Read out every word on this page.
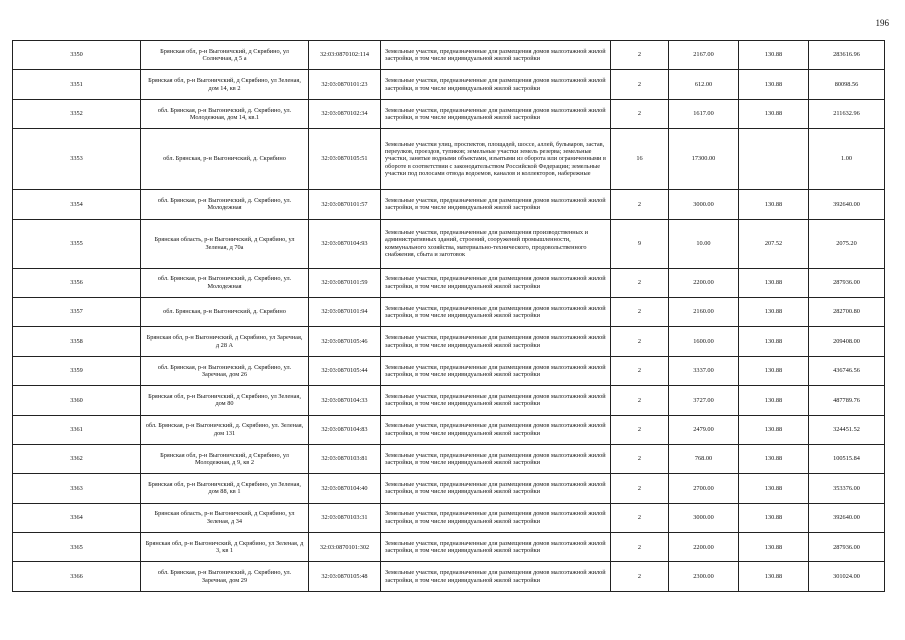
196
3350	Брянская обл, р-н Выгоничский, д Скрябино, ул Солнечная, д 5 а	32:03:0870102:114	Земельные участки, предназначенные для размещения домов малоэтажной жилой застройки, в том числе индивидуальной жилой застройки	2	2167.00	130.88	283616.96
3351	Брянская обл, р-н Выгоничский, д Скрябино, ул Зеленая, дом 14, кв 2	32:03:0870101:23	Земельные участки, предназначенные для размещения домов малоэтажной жилой застройки, в том числе индивидуальной жилой застройки	2	612.00	130.88	80098.56
3352	обл. Брянская, р-н Выгоничский, д. Скрябино, ул. Молодежная, дом 14, кв.1	32:03:0870102:34	Земельные участки, предназначенные для размещения домов малоэтажной жилой застройки, в том числе индивидуальной жилой застройки	2	1617.00	130.88	211632.96
3353	обл. Брянская, р-н Выгоничский, д. Скрябино	32:03:0870105:51	Земельные участки улиц, проспектов, площадей, шоссе, аллей, бульваров, застав, переулков, проездов, тупиков; земельные участки земель резерва; земельные участки, занятые водными объектами, изъятыми из оборота или ограниченными в обороте в соответствии с законодательством Российской Федерации; земельные участки под полосами отвода водоемов, каналов и коллекторов, набережные	16	17300.00		1.00
3354	обл. Брянская, р-н Выгоничский, д. Скрябино, ул. Молодежная	32:03:0870101:57	Земельные участки, предназначенные для размещения домов малоэтажной жилой застройки, в том числе индивидуальной жилой застройки	2	3000.00	130.88	392640.00
3355	Брянская область, р-н Выгоничский, д Скрябино, ул Зеленая, д 70а	32:03:0870104:93	Земельные участки, предназначенные для размещения производственных и административных зданий, строений, сооружений промышленности, коммунального хозяйства, материально-технического, продовольственного снабжения, сбыта и заготовок	9	10.00	207.52	2075.20
3356	обл. Брянская, р-н Выгоничский, д. Скрябино, ул. Молодежная	32:03:0870101:59	Земельные участки, предназначенные для размещения домов малоэтажной жилой застройки, в том числе индивидуальной жилой застройки	2	2200.00	130.88	287936.00
3357	обл. Брянская, р-н Выгоничский, д. Скрябино	32:03:0870101:94	Земельные участки, предназначенные для размещения домов малоэтажной жилой застройки, в том числе индивидуальной жилой застройки	2	2160.00	130.88	282700.80
3358	Брянская обл, р-н Выгоничский, д Скрябино, ул Заречная, д 28 А	32:03:0870105:46	Земельные участки, предназначенные для размещения домов малоэтажной жилой застройки, в том числе индивидуальной жилой застройки	2	1600.00	130.88	209408.00
3359	обл. Брянская, р-н Выгоничский, д. Скрябино, ул. Заречная, дом 26	32:03:0870105:44	Земельные участки, предназначенные для размещения домов малоэтажной жилой застройки, в том числе индивидуальной жилой застройки	2	3337.00	130.88	436746.56
3360	Брянская обл, р-н Выгоничский, д Скрябино, ул Зеленая, дом 80	32:03:0870104:33	Земельные участки, предназначенные для размещения домов малоэтажной жилой застройки, в том числе индивидуальной жилой застройки	2	3727.00	130.88	487789.76
3361	обл. Брянская, р-н Выгоничский, д. Скрябино, ул. Зеленая, дом 131	32:03:0870104:83	Земельные участки, предназначенные для размещения домов малоэтажной жилой застройки, в том числе индивидуальной жилой застройки	2	2479.00	130.88	324451.52
3362	Брянская обл, р-н Выгоничский, д Скрябино, ул Молодежная, д 9, кв 2	32:03:0870103:81	Земельные участки, предназначенные для размещения домов малоэтажной жилой застройки, в том числе индивидуальной жилой застройки	2	768.00	130.88	100515.84
3363	Брянская обл, р-н Выгоничский, д Скрябино, ул Зеленая, дом 88, кв 1	32:03:0870104:40	Земельные участки, предназначенные для размещения домов малоэтажной жилой застройки, в том числе индивидуальной жилой застройки	2	2700.00	130.88	353376.00
3364	Брянская область, р-н Выгоничский, д Скрябино, ул Зеленая, д 34	32:03:0870103:31	Земельные участки, предназначенные для размещения домов малоэтажной жилой застройки, в том числе индивидуальной жилой застройки	2	3000.00	130.88	392640.00
3365	Брянская обл, р-н Выгоничский, д Скрябино, ул Зеленая, д 3, кв 1	32:03:0870101:302	Земельные участки, предназначенные для размещения домов малоэтажной жилой застройки, в том числе индивидуальной жилой застройки	2	2200.00	130.88	287936.00
3366	обл. Брянская, р-н Выгоничский, д. Скрябино, ул. Заречная, дом 29	32:03:0870105:48	Земельные участки, предназначенные для размещения домов малоэтажной жилой застройки, в том числе индивидуальной жилой застройки	2	2300.00	130.88	301024.00
